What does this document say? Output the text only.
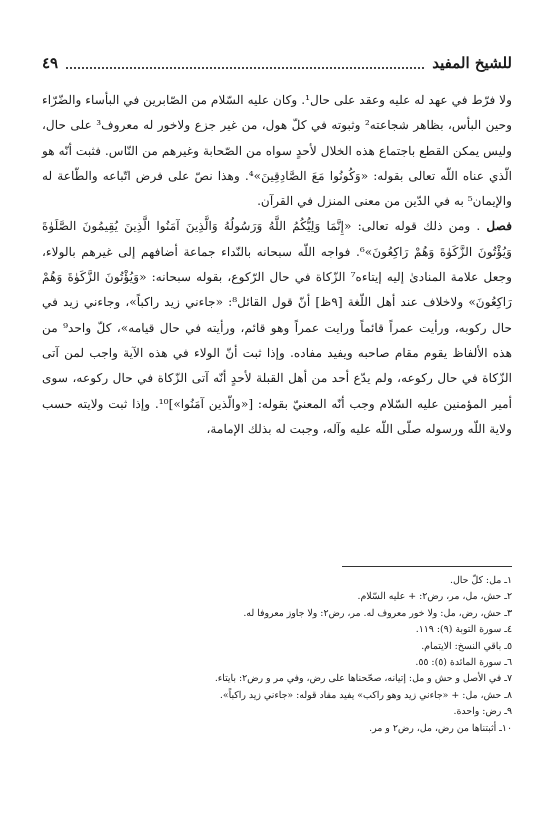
للشيخ المفيد
٤٩

ولا فرّط في عهد له عليه وعقد على حال¹. وكان عليه السّلام من الصّابرين في البأساء والضّرّاء وحين البأس، بظاهر شجاعته² وثبوته في كلّ هول، من غير جزع ولاخور له معروف³ على حال، وليس يمكن القطع باجتماع هذه الخلال لأحدٍ سواه من الصّحابة وغيرهم من النّاس. فثبت أنّه هو الّذي عناه اللّه تعالى بقوله: «وَكُونُوا مَعَ الصَّادِقِينَ»⁴. وهذا نصّ على فرض اتّباعه والطّاعة له والإيمان⁵ به في الدّين من معنى المنزل في القرآن.

فصل . ومن ذلك قوله تعالى: «إِنَّمَا وَلِيُّكُمُ اللَّهُ وَرَسُولُهُ وَالَّذِينَ آمَنُوا الَّذِينَ يُقِيمُونَ الصَّلَوٰةَ وَيُؤْتُونَ الزَّكَوٰةَ وَهُمْ رَاكِعُونَ»⁶. فواجه اللّه سبحانه بالنّداء جماعة أضافهم إلى غيرهم بالولاء، وجعل علامة المنادىٰ إليه إيتاءه⁷ الزّكاة في حال الرّكوع، بقوله سبحانه: «وَيُؤْتُونَ الزَّكَوٰةَ وَهُمْ رَاكِعُونَ» ولاخلاف عند أهل اللّغة [٩ظ] أنّ قول القائل⁸: «جاءني زيد راكباً»، وجاءني زيد في حال ركوبه، ورأيت عمراً قائماً ورايت عمراً وهو قائم، ورأيته في حال قيامه»، كلّ واحد⁹ من هذه الألفاظ يقوم مقام صاحبه ويفيد مفاده. وإذا ثبت أنّ الولاء في هذه الآية واجب لمن آتى الزّكاة في حال ركوعه، ولم يدّع أحد من أهل القبلة لأحدٍ أنّه آتى الزّكاة في حال ركوعه، سوى أمير المؤمنين عليه السّلام وجب أنّه المعنيّ بقوله: [«والّذين آمَنُوا»]¹⁰. وإذا ثبت ولايته حسب ولاية اللّه ورسوله صلّى اللّه عليه وآله، وجبت له بذلك الإمامة،

١ـ مل: كلّ حال.
٢ـ حش، مل، مر، رض٢: + عليه السّلام.
٣ـ حش، رض، مل: ولا خور معروف له. مر، رض٢: ولا جاوز معروفا له.
٤ـ سورة التوبة (٩): ١١٩.
٥ـ باقي النسخ: الايتمام.
٦ـ سورة المائدة (٥): ٥٥.
٧ـ في الأصل و حش و مل: إتيانه، صحّحناها على رض، وفي مر و رض٢: بايتاء.
٨ـ حش، مل: + «جاءني زيد وهو راكب» يفيد مفاد قوله: «جاءني زيد راكباً».
٩ـ رض: واحدة.
١٠ـ أثبتناها من رض، مل، رض٢ و مر.
